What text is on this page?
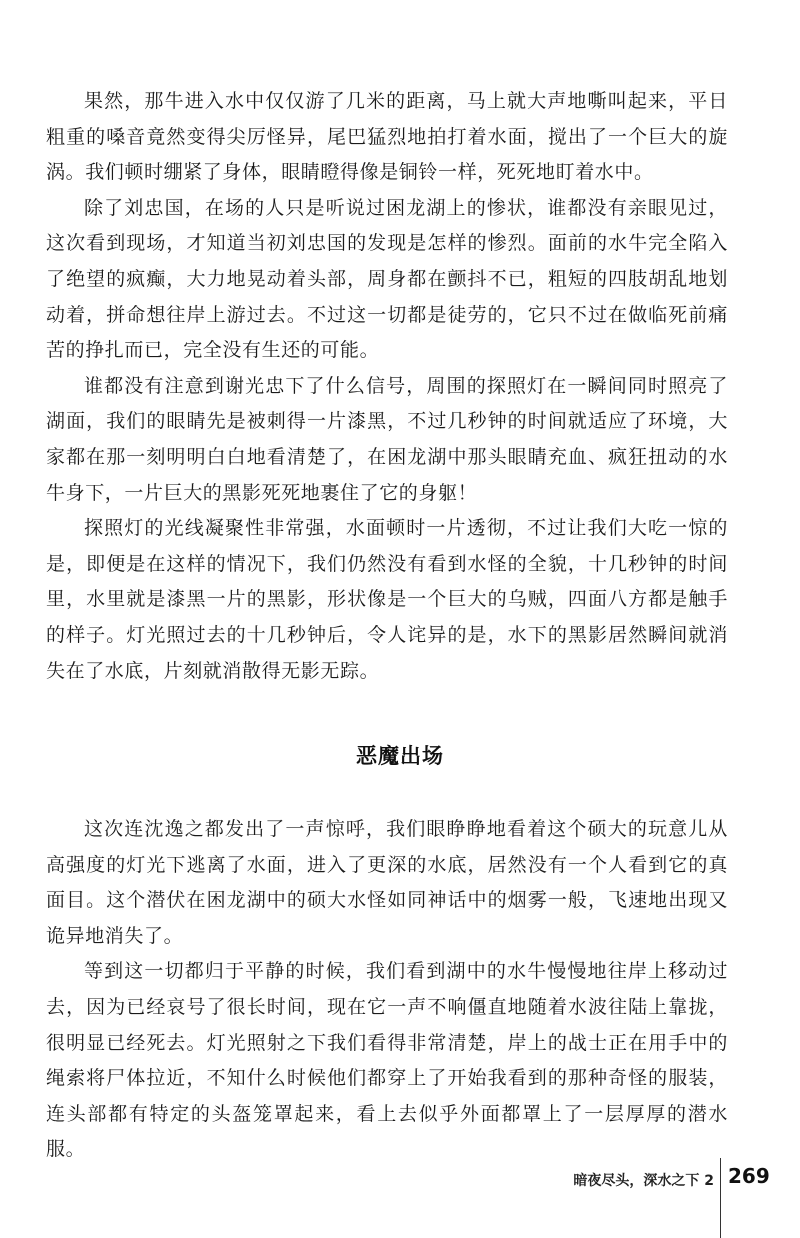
果然，那牛进入水中仅仅游了几米的距离，马上就大声地嘶叫起来，平日粗重的嗓音竟然变得尖厉怪异，尾巴猛烈地拍打着水面，搅出了一个巨大的旋涡。我们顿时绷紧了身体，眼睛瞪得像是铜铃一样，死死地盯着水中。

除了刘忠国，在场的人只是听说过困龙湖上的惨状，谁都没有亲眼见过，这次看到现场，才知道当初刘忠国的发现是怎样的惨烈。面前的水牛完全陷入了绝望的疯癫，大力地晃动着头部，周身都在颤抖不已，粗短的四肢胡乱地划动着，拼命想往岸上游过去。不过这一切都是徒劳的，它只不过在做临死前痛苦的挣扎而已，完全没有生还的可能。

谁都没有注意到谢光忠下了什么信号，周围的探照灯在一瞬间同时照亮了湖面，我们的眼睛先是被刺得一片漆黑，不过几秒钟的时间就适应了环境，大家都在那一刻明明白白地看清楚了，在困龙湖中那头眼睛充血、疯狂扭动的水牛身下，一片巨大的黑影死死地裹住了它的身躯！

探照灯的光线凝聚性非常强，水面顿时一片透彻，不过让我们大吃一惊的是，即便是在这样的情况下，我们仍然没有看到水怪的全貌，十几秒钟的时间里，水里就是漆黑一片的黑影，形状像是一个巨大的乌贼，四面八方都是触手的样子。灯光照过去的十几秒钟后，令人诧异的是，水下的黑影居然瞬间就消失在了水底，片刻就消散得无影无踪。

恶魔出场

这次连沈逸之都发出了一声惊呼，我们眼睁睁地看着这个硕大的玩意儿从高强度的灯光下逃离了水面，进入了更深的水底，居然没有一个人看到它的真面目。这个潜伏在困龙湖中的硕大水怪如同神话中的烟雾一般，飞速地出现又诡异地消失了。

等到这一切都归于平静的时候，我们看到湖中的水牛慢慢地往岸上移动过去，因为已经哀号了很长时间，现在它一声不响僵直地随着水波往陆上靠拢，很明显已经死去。灯光照射之下我们看得非常清楚，岸上的战士正在用手中的绳索将尸体拉近，不知什么时候他们都穿上了开始我看到的那种奇怪的服装，连头部都有特定的头盔笼罩起来，看上去似乎外面都罩上了一层厚厚的潜水服。

暗夜尽头，深水之下 2 269
